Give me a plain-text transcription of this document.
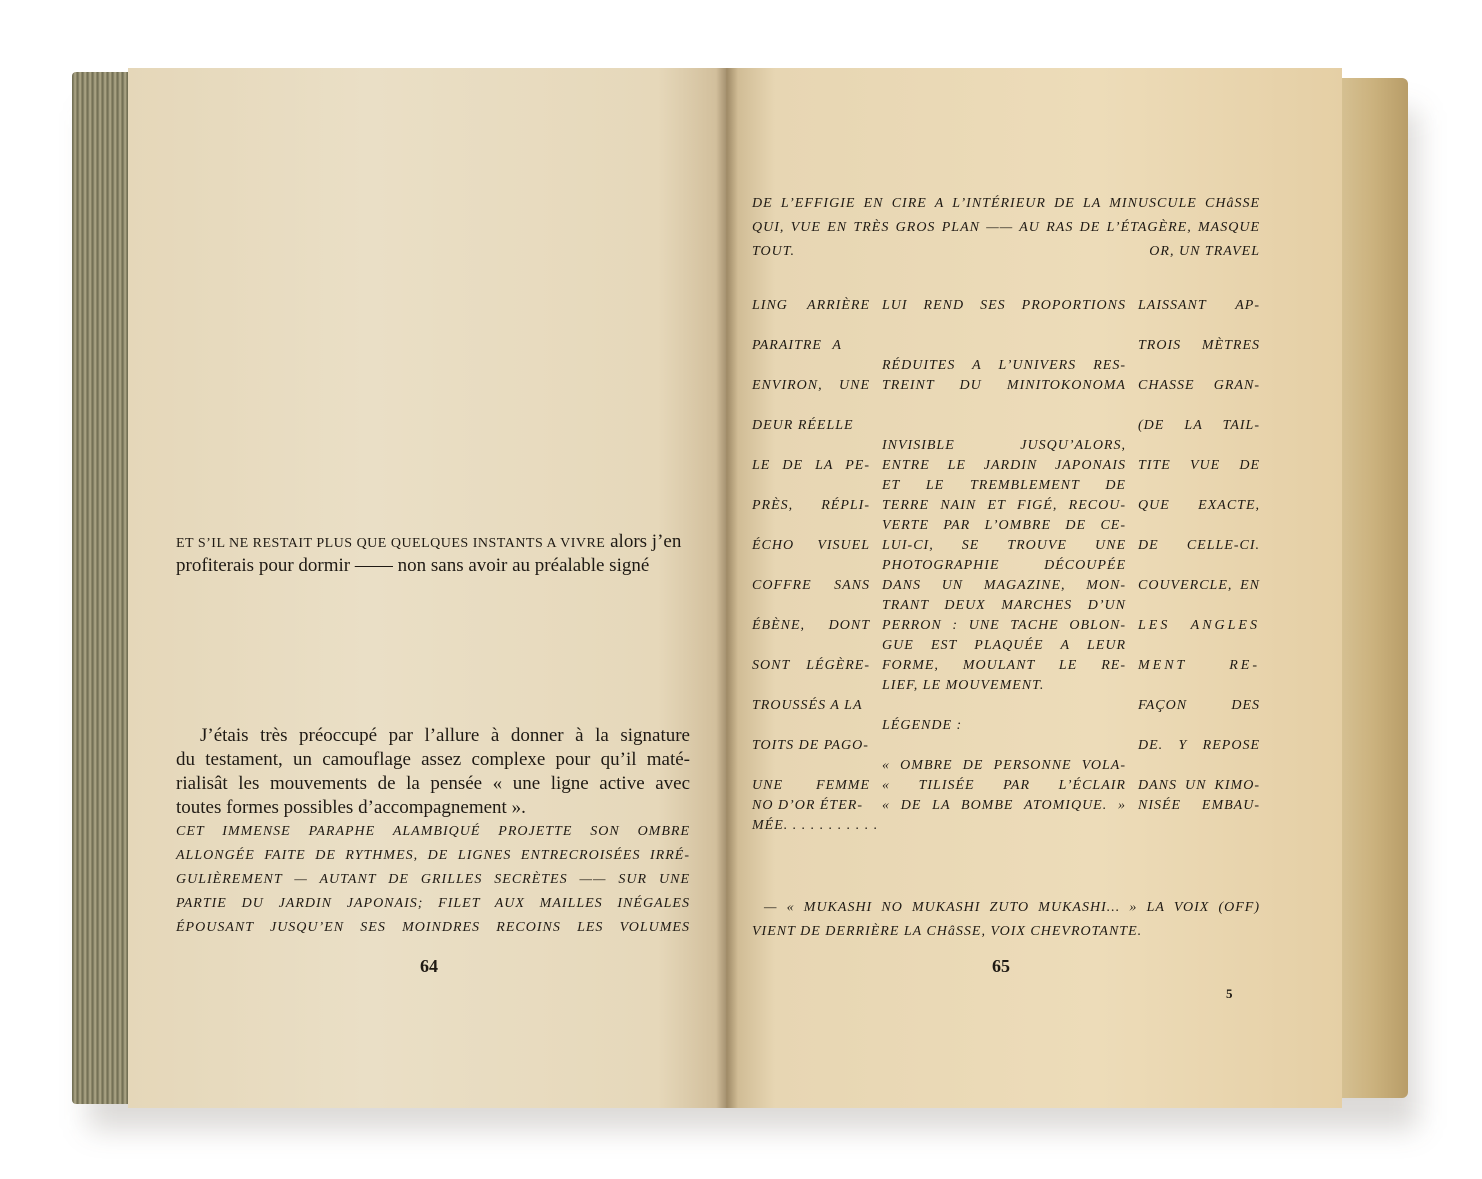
ET S’IL NE RESTAIT PLUS QUE QUELQUES INSTANTS A VIVRE alors j’en
profiterais pour dormir —— non sans avoir au préalable signé
J’étais très préoccupé par l’allure à donner à la signature
du testament, un camouflage assez complexe pour qu’il maté-
rialisât les mouvements de la pensée « une ligne active avec
toutes formes possibles d’accompagnement ».
CET IMMENSE PARAPHE ALAMBIQUÉ PROJETTE SON OMBRE
ALLONGÉE FAITE DE RYTHMES, DE LIGNES ENTRECROISÉES IRRÉ-
GULIÈREMENT — AUTANT DE GRILLES SECRÈTES —— SUR UNE
PARTIE DU JARDIN JAPONAIS; FILET AUX MAILLES INÉGALES
ÉPOUSANT JUSQU’EN SES MOINDRES RECOINS LES VOLUMES
64
DE L’EFFIGIE EN CIRE A L’INTÉRIEUR DE LA MINUSCULE CHâSSE
QUI, VUE EN TRÈS GROS PLAN —— AU RAS DE L’ÉTAGÈRE, MASQUE
TOUT.	OR, UN TRAVEL
LING ARRIÈRE
PARAITRE A
ENVIRON, UNE
DEUR RÉELLE
LE DE LA PE-
PRÈS, RÉPLI-
ÉCHO VISUEL
COFFRE SANS
ÉBÈNE, DONT
SONT LÉGÈRE-
TROUSSÉS A LA
TOITS DE PAGO-
UNE FEMME
NO D’OR ÉTER-
MÉE. . . . . . . . . . .
LUI REND SES PROPORTIONS
RÉDUITES A L’UNIVERS RES-
TREINT DU MINITOKONOMA
INVISIBLE JUSQU’ALORS,
ENTRE LE JARDIN JAPONAIS
ET LE TREMBLEMENT DE
TERRE NAIN ET FIGÉ, RECOU-
VERTE PAR L’OMBRE DE CE-
LUI-CI, SE TROUVE UNE
PHOTOGRAPHIE DÉCOUPÉE
DANS UN MAGAZINE, MON-
TRANT DEUX MARCHES D’UN
PERRON : UNE TACHE OBLON-
GUE EST PLAQUÉE A LEUR
FORME, MOULANT LE RE-
LIEF, LE MOUVEMENT.
LÉGENDE :
« OMBRE DE PERSONNE VOLA-
« TILISÉE PAR L’ÉCLAIR
« DE LA BOMBE ATOMIQUE. »
LAISSANT AP-
TROIS MÈTRES
CHASSE GRAN-
(DE LA TAIL-
TITE VUE DE
QUE EXACTE,
DE CELLE-CI.
COUVERCLE, EN
LES ANGLES
MENT RE-
FAÇON DES
DE. Y REPOSE
DANS UN KIMO-
NISÉE EMBAU-
— « MUKASHI NO MUKASHI ZUTO MUKASHI... » LA VOIX (OFF)
VIENT DE DERRIÈRE LA CHâSSE, VOIX CHEVROTANTE.
65
5
